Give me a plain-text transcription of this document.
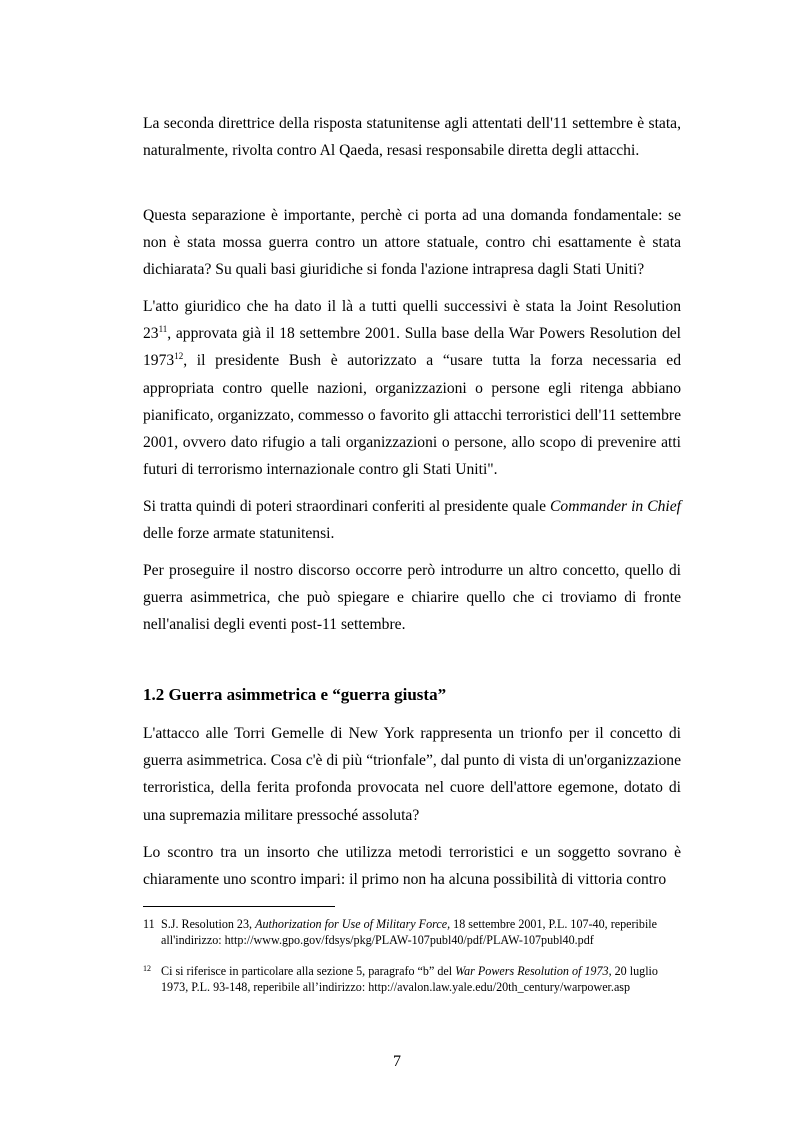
La seconda direttrice della risposta statunitense agli attentati dell'11 settembre è stata, naturalmente, rivolta contro Al Qaeda, resasi responsabile diretta degli attacchi.

Questa separazione è importante, perchè ci porta ad una domanda fondamentale: se non è stata mossa guerra contro un attore statuale, contro chi esattamente è stata dichiarata? Su quali basi giuridiche si fonda l'azione intrapresa dagli Stati Uniti?

L'atto giuridico che ha dato il là a tutti quelli successivi è stata la Joint Resolution $23^{11}$, approvata già il 18 settembre 2001. Sulla base della War Powers Resolution del 1973$^{12}$, il presidente Bush è autorizzato a “usare tutta la forza necessaria ed appropriata contro quelle nazioni, organizzazioni o persone egli ritenga abbiano pianificato, organizzato, commesso o favorito gli attacchi terroristici dell'11 settembre 2001, ovvero dato rifugio a tali organizzazioni o persone, allo scopo di prevenire atti futuri di terrorismo internazionale contro gli Stati Uniti".

Si tratta quindi di poteri straordinari conferiti al presidente quale Commander in Chief delle forze armate statunitensi.

Per proseguire il nostro discorso occorre però introdurre un altro concetto, quello di guerra asimmetrica, che può spiegare e chiarire quello che ci troviamo di fronte nell'analisi degli eventi post-11 settembre.

1.2 Guerra asimmetrica e “guerra giusta”

L'attacco alle Torri Gemelle di New York rappresenta un trionfo per il concetto di guerra asimmetrica. Cosa c'è di più “trionfale”, dal punto di vista di un'organizzazione terroristica, della ferita profonda provocata nel cuore dell'attore egemone, dotato di una supremazia militare pressoché assoluta?

Lo scontro tra un insorto che utilizza metodi terroristici e un soggetto sovrano è chiaramente uno scontro impari: il primo non ha alcuna possibilità di vittoria contro

11 S.J. Resolution 23, Authorization for Use of Military Force, 18 settembre 2001, P.L. 107-40, reperibile all'indirizzo: http://www.gpo.gov/fdsys/pkg/PLAW-107publ40/pdf/PLAW-107publ40.pdf
12 Ci si riferisce in particolare alla sezione 5, paragrafo “b” del War Powers Resolution of 1973, 20 luglio 1973, P.L. 93-148, reperibile all’indirizzo: http://avalon.law.yale.edu/20th_century/warpower.asp
7
